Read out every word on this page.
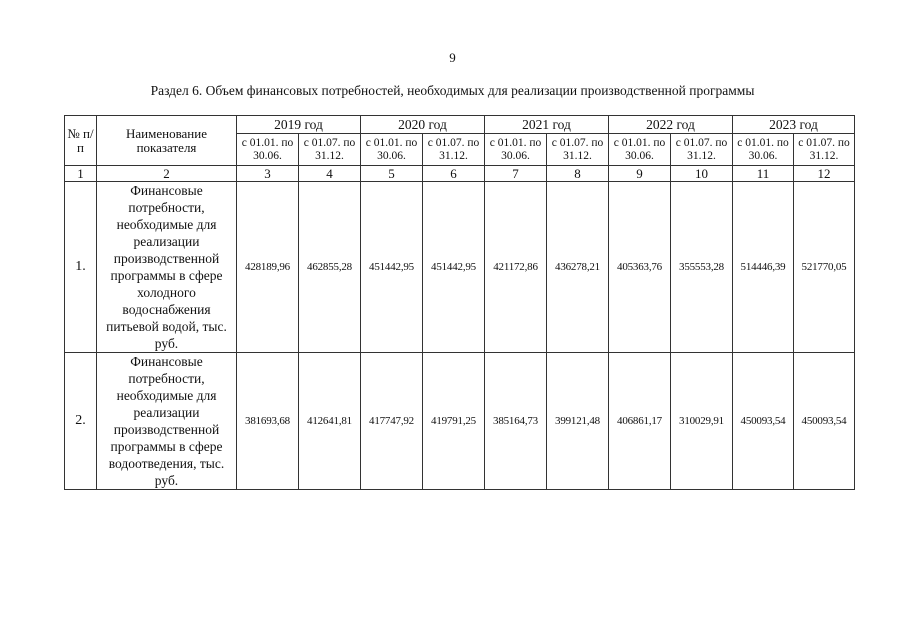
9
Раздел 6. Объем финансовых потребностей, необходимых для реализации производственной программы
№ п/п	Наименование показателя	2019 год		2020 год		2021 год		2022 год		2023 год	
		с 01.01. по 30.06.	с 01.07. по 31.12.	с 01.01. по 30.06.	с 01.07. по 31.12.	с 01.01. по 30.06.	с 01.07. по 31.12.	с 01.01. по 30.06.	с 01.07. по 31.12.	с 01.01. по 30.06.	с 01.07. по 31.12.
1	2	3	4	5	6	7	8	9	10	11	12
1.	Финансовые потребности, необходимые для реализации производственной программы в сфере холодного водоснабжения питьевой водой, тыс. руб.	428189,96	462855,28	451442,95	451442,95	421172,86	436278,21	405363,76	355553,28	514446,39	521770,05
2.	Финансовые потребности, необходимые для реализации производственной программы в сфере водоотведения, тыс. руб.	381693,68	412641,81	417747,92	419791,25	385164,73	399121,48	406861,17	310029,91	450093,54	450093,54
